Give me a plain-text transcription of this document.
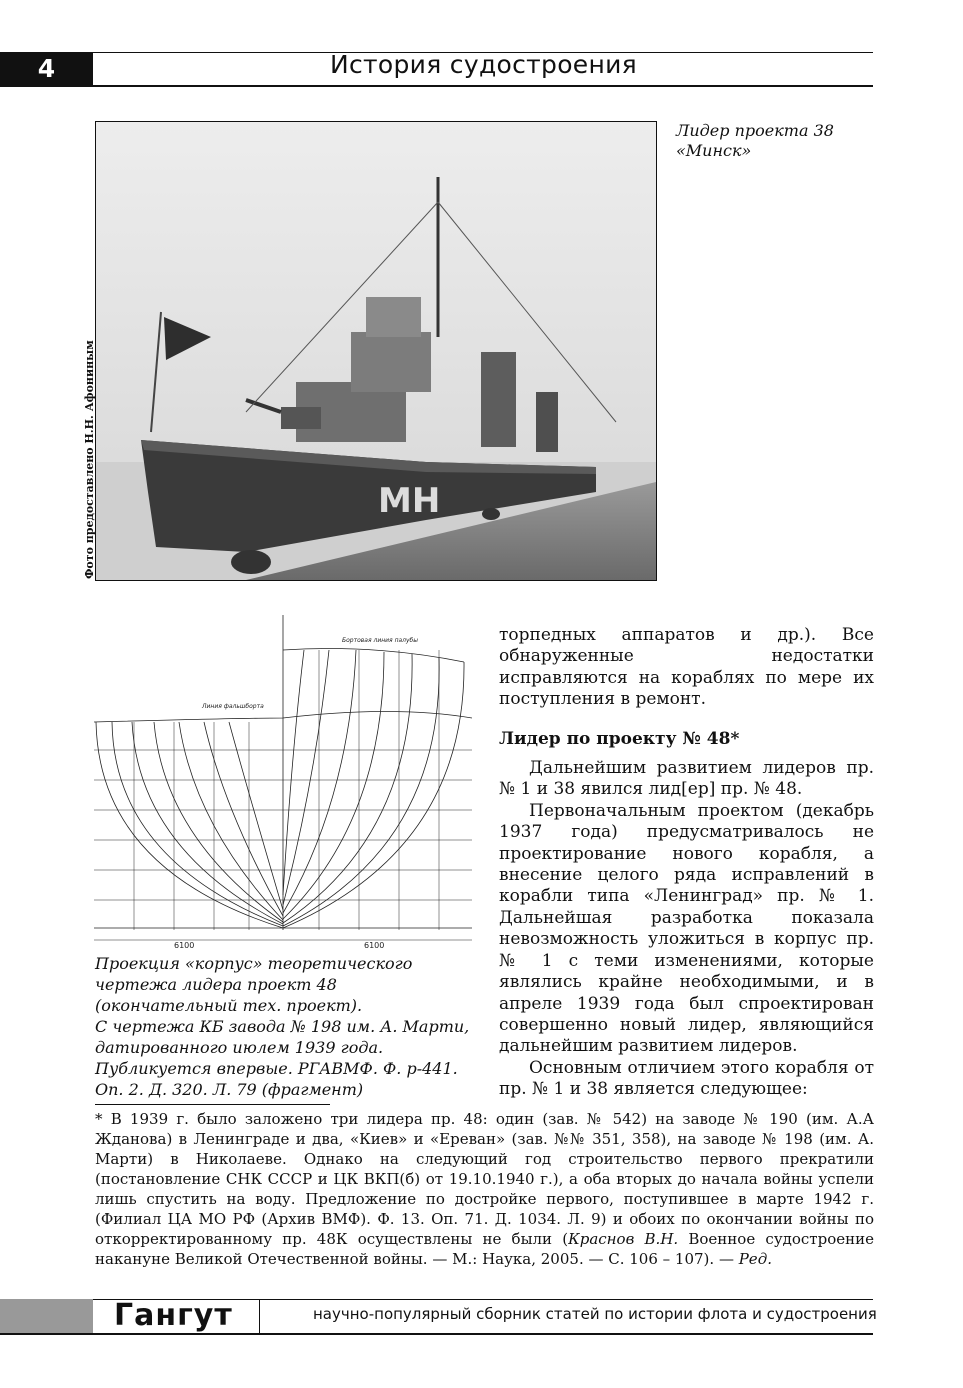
4	История судостроения
МН
Фото предоставлено Н.Н. Афониным
Лидер проекта 38
«Минск»
6100	6100
Линия фальшборта
Бортовая линия палубы
Проекция «корпус» теоретического
чертежа лидера проект 48
(окончательный тех. проект).
С чертежа КБ завода № 198 им. А. Марти,
датированного июлем 1939 года.
Публикуется впервые. РГАВМФ. Ф. р-441.
Оп. 2. Д. 320. Л. 79 (фрагмент)

торпедных аппаратов и др.). Все обнаруженные недостатки исправляются на кораблях по мере их поступления в ремонт.

Лидер по проекту № 48*

Дальнейшим развитием лидеров пр. № 1 и 38 явился лид[ер] пр. № 48.

Первоначальным проектом (декабрь 1937 года) предусматривалось не проектирование нового корабля, а внесение целого ряда исправлений в корабли типа «Ленинград» пр. № 1. Дальнейшая разработка показала невозможность уложиться в корпус пр. № 1 с теми изменениями, которые являлись крайне необходимыми, и в апреле 1939 года был спроектирован совершенно новый лидер, являющийся дальнейшим развитием лидеров.

Основным отличием этого корабля от пр. № 1 и 38 является следующее:

* В 1939 г. было заложено три лидера пр. 48: один (зав. № 542) на заводе № 190 (им. А.А Жданова) в Ленинграде и два, «Киев» и «Ереван» (зав. №№ 351, 358), на заводе № 198 (им. А. Марти) в Николаеве. Однако на следующий год строительство первого прекратили (постановление СНК СССР и ЦК ВКП(б) от 19.10.1940 г.), а оба вторых до начала войны успели лишь спустить на воду. Предложение по достройке первого, поступившее в марте 1942 г. (Филиал ЦА МО РФ (Архив ВМФ). Ф. 13. Оп. 71. Д. 1034. Л. 9) и обоих по окончании войны по откорректированному пр. 48К осуществлены не были (Краснов В.Н. Военное судостроение накануне Великой Отечественной войны. — М.: Наука, 2005. — С. 106 – 107). — Ред.
Гангут	научно-популярный сборник статей по истории флота и судостроения
